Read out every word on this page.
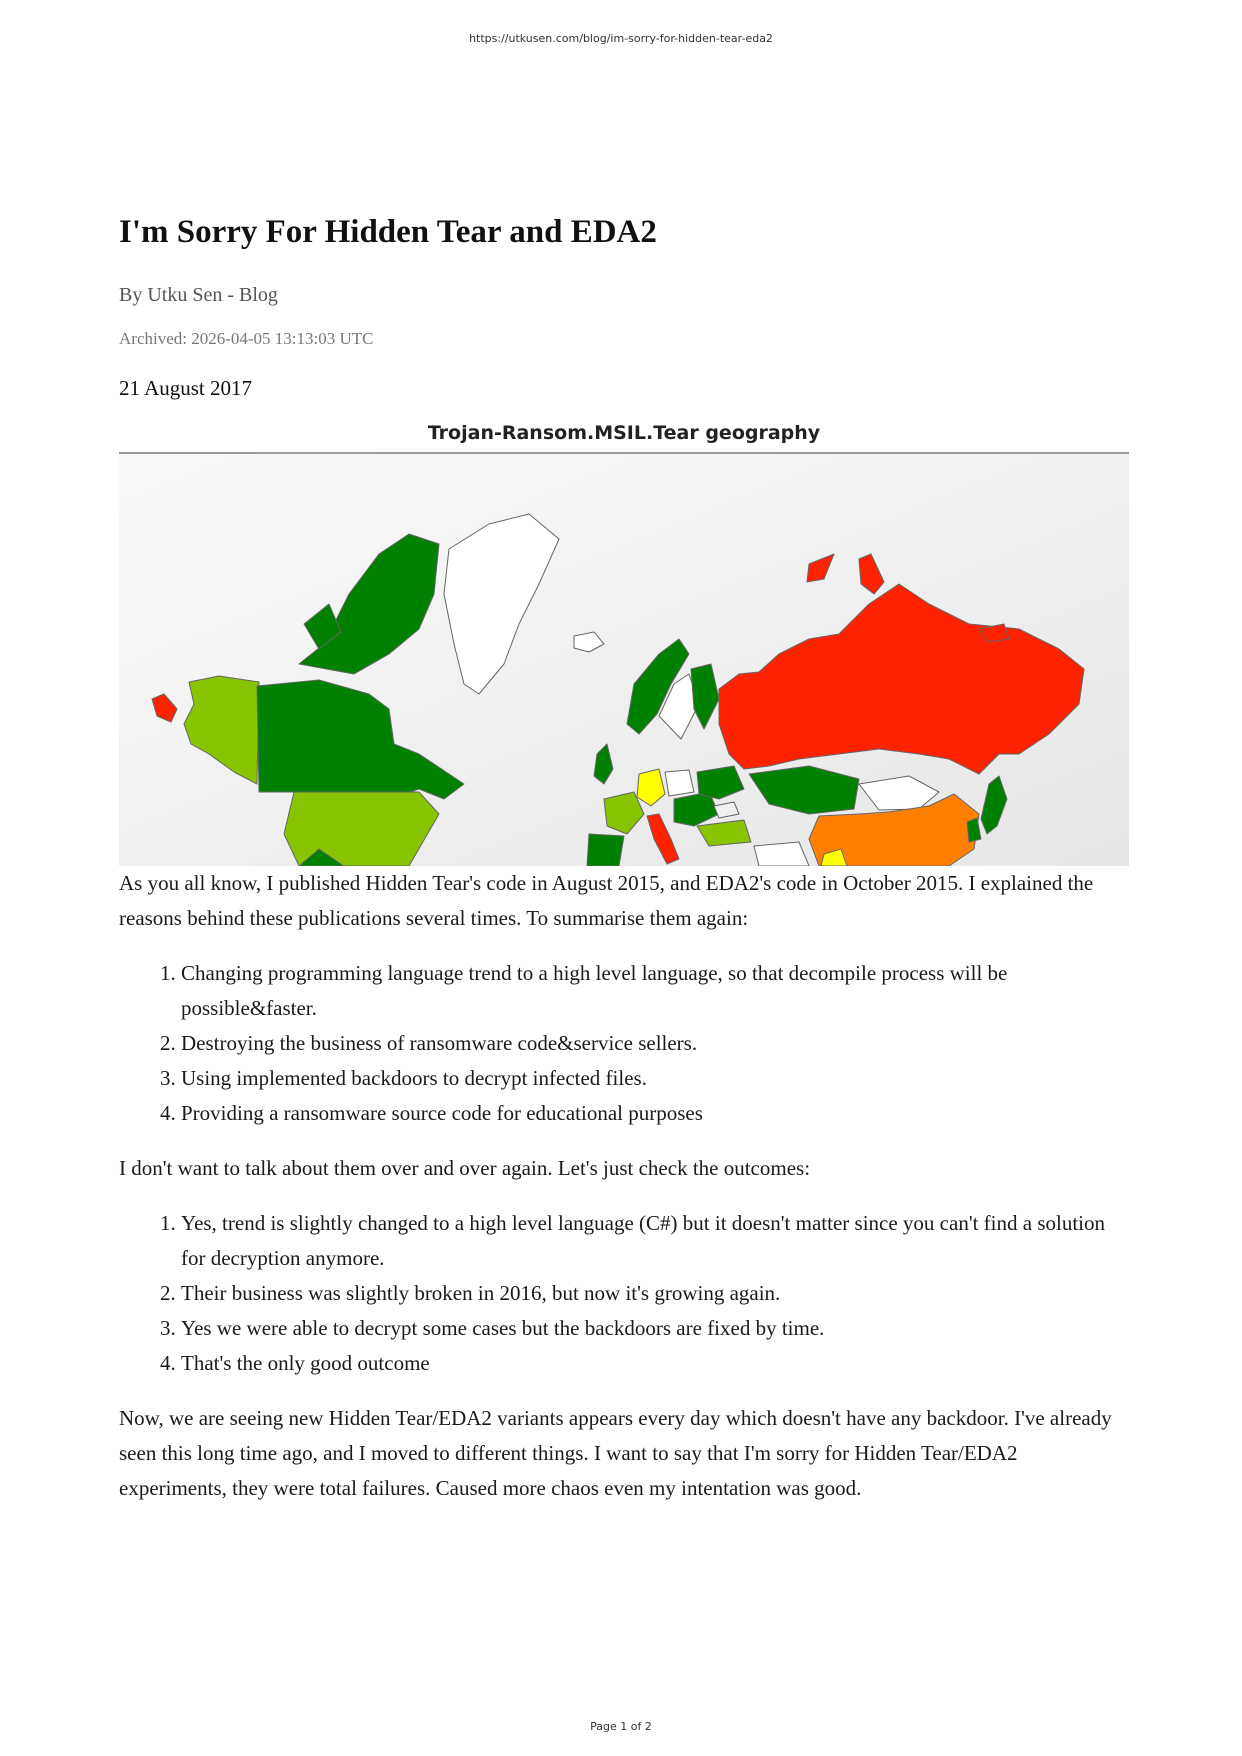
https://utkusen.com/blog/im-sorry-for-hidden-tear-eda2
I'm Sorry For Hidden Tear and EDA2
By Utku Sen - Blog
Archived: 2026-04-05 13:13:03 UTC
21 August 2017
Trojan-Ransom.MSIL.Tear geography

As you all know, I published Hidden Tear's code in August 2015, and EDA2's code in October 2015. I explained the reasons behind these publications several times. To summarise them again:

1. Changing programming language trend to a high level language, so that decompile process will be possible&faster.
2. Destroying the business of ransomware code&service sellers.
3. Using implemented backdoors to decrypt infected files.
4. Providing a ransomware source code for educational purposes

I don't want to talk about them over and over again. Let's just check the outcomes:

1. Yes, trend is slightly changed to a high level language (C#) but it doesn't matter since you can't find a solution for decryption anymore.
2. Their business was slightly broken in 2016, but now it's growing again.
3. Yes we were able to decrypt some cases but the backdoors are fixed by time.
4. That's the only good outcome

Now, we are seeing new Hidden Tear/EDA2 variants appears every day which doesn't have any backdoor. I've already seen this long time ago, and I moved to different things. I want to say that I'm sorry for Hidden Tear/EDA2 experiments, they were total failures. Caused more chaos even my intentation was good.

Page 1 of 2
